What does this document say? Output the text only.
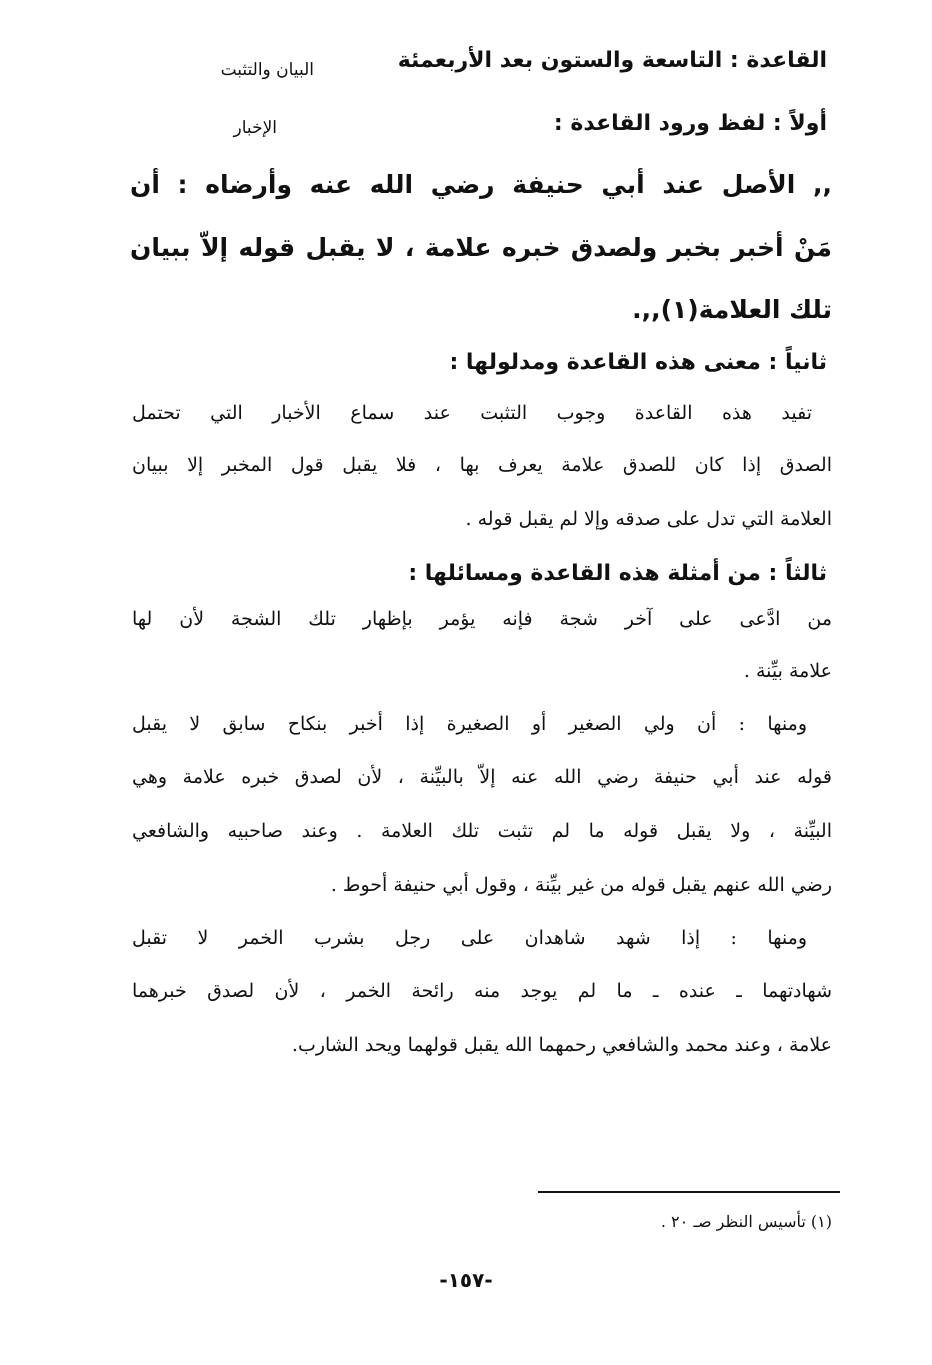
القاعدة : التاسعة والستون بعد الأربعمئة
البيان والتثبت
أولاً : لفظ ورود القاعدة :
الإخبار
,, الأصل عند أبي حنيفة رضي الله عنه وأرضاه : أن
مَنْ أخبر بخبر ولصدق خبره علامة ، لا يقبل قوله إلاّ ببيان
تلك العلامة(١),,.
ثانياً : معنى هذه القاعدة ومدلولها :
تفيد هذه القاعدة وجوب التثبت عند سماع الأخبار التي تحتمل
الصدق إذا كان للصدق علامة يعرف بها ، فلا يقبل قول المخبر إلا ببيان
العلامة التي تدل على صدقه وإلا لم يقبل قوله .
ثالثاً : من أمثلة هذه القاعدة ومسائلها :
من ادَّعى على آخر شجة فإنه يؤمر بإظهار تلك الشجة لأن لها
علامة بيِّنة .
ومنها : أن ولي الصغير أو الصغيرة إذا أخبر بنكاح سابق لا يقبل
قوله عند أبي حنيفة رضي الله عنه إلاّ بالبيِّنة ، لأن لصدق خبره علامة وهي
البيِّنة ، ولا يقبل قوله ما لم تثبت تلك العلامة . وعند صاحبيه والشافعي
رضي الله عنهم يقبل قوله من غير بيِّنة ، وقول أبي حنيفة أحوط .
ومنها : إذا شهد شاهدان على رجل بشرب الخمر لا تقبل
شهادتهما ـ عنده ـ ما لم يوجد منه رائحة الخمر ، لأن لصدق خبرهما
علامة ، وعند محمد والشافعي رحمهما الله يقبل قولهما ويحد الشارب.
(١) تأسيس النظر صـ ٢٠ .
-١٥٧-
